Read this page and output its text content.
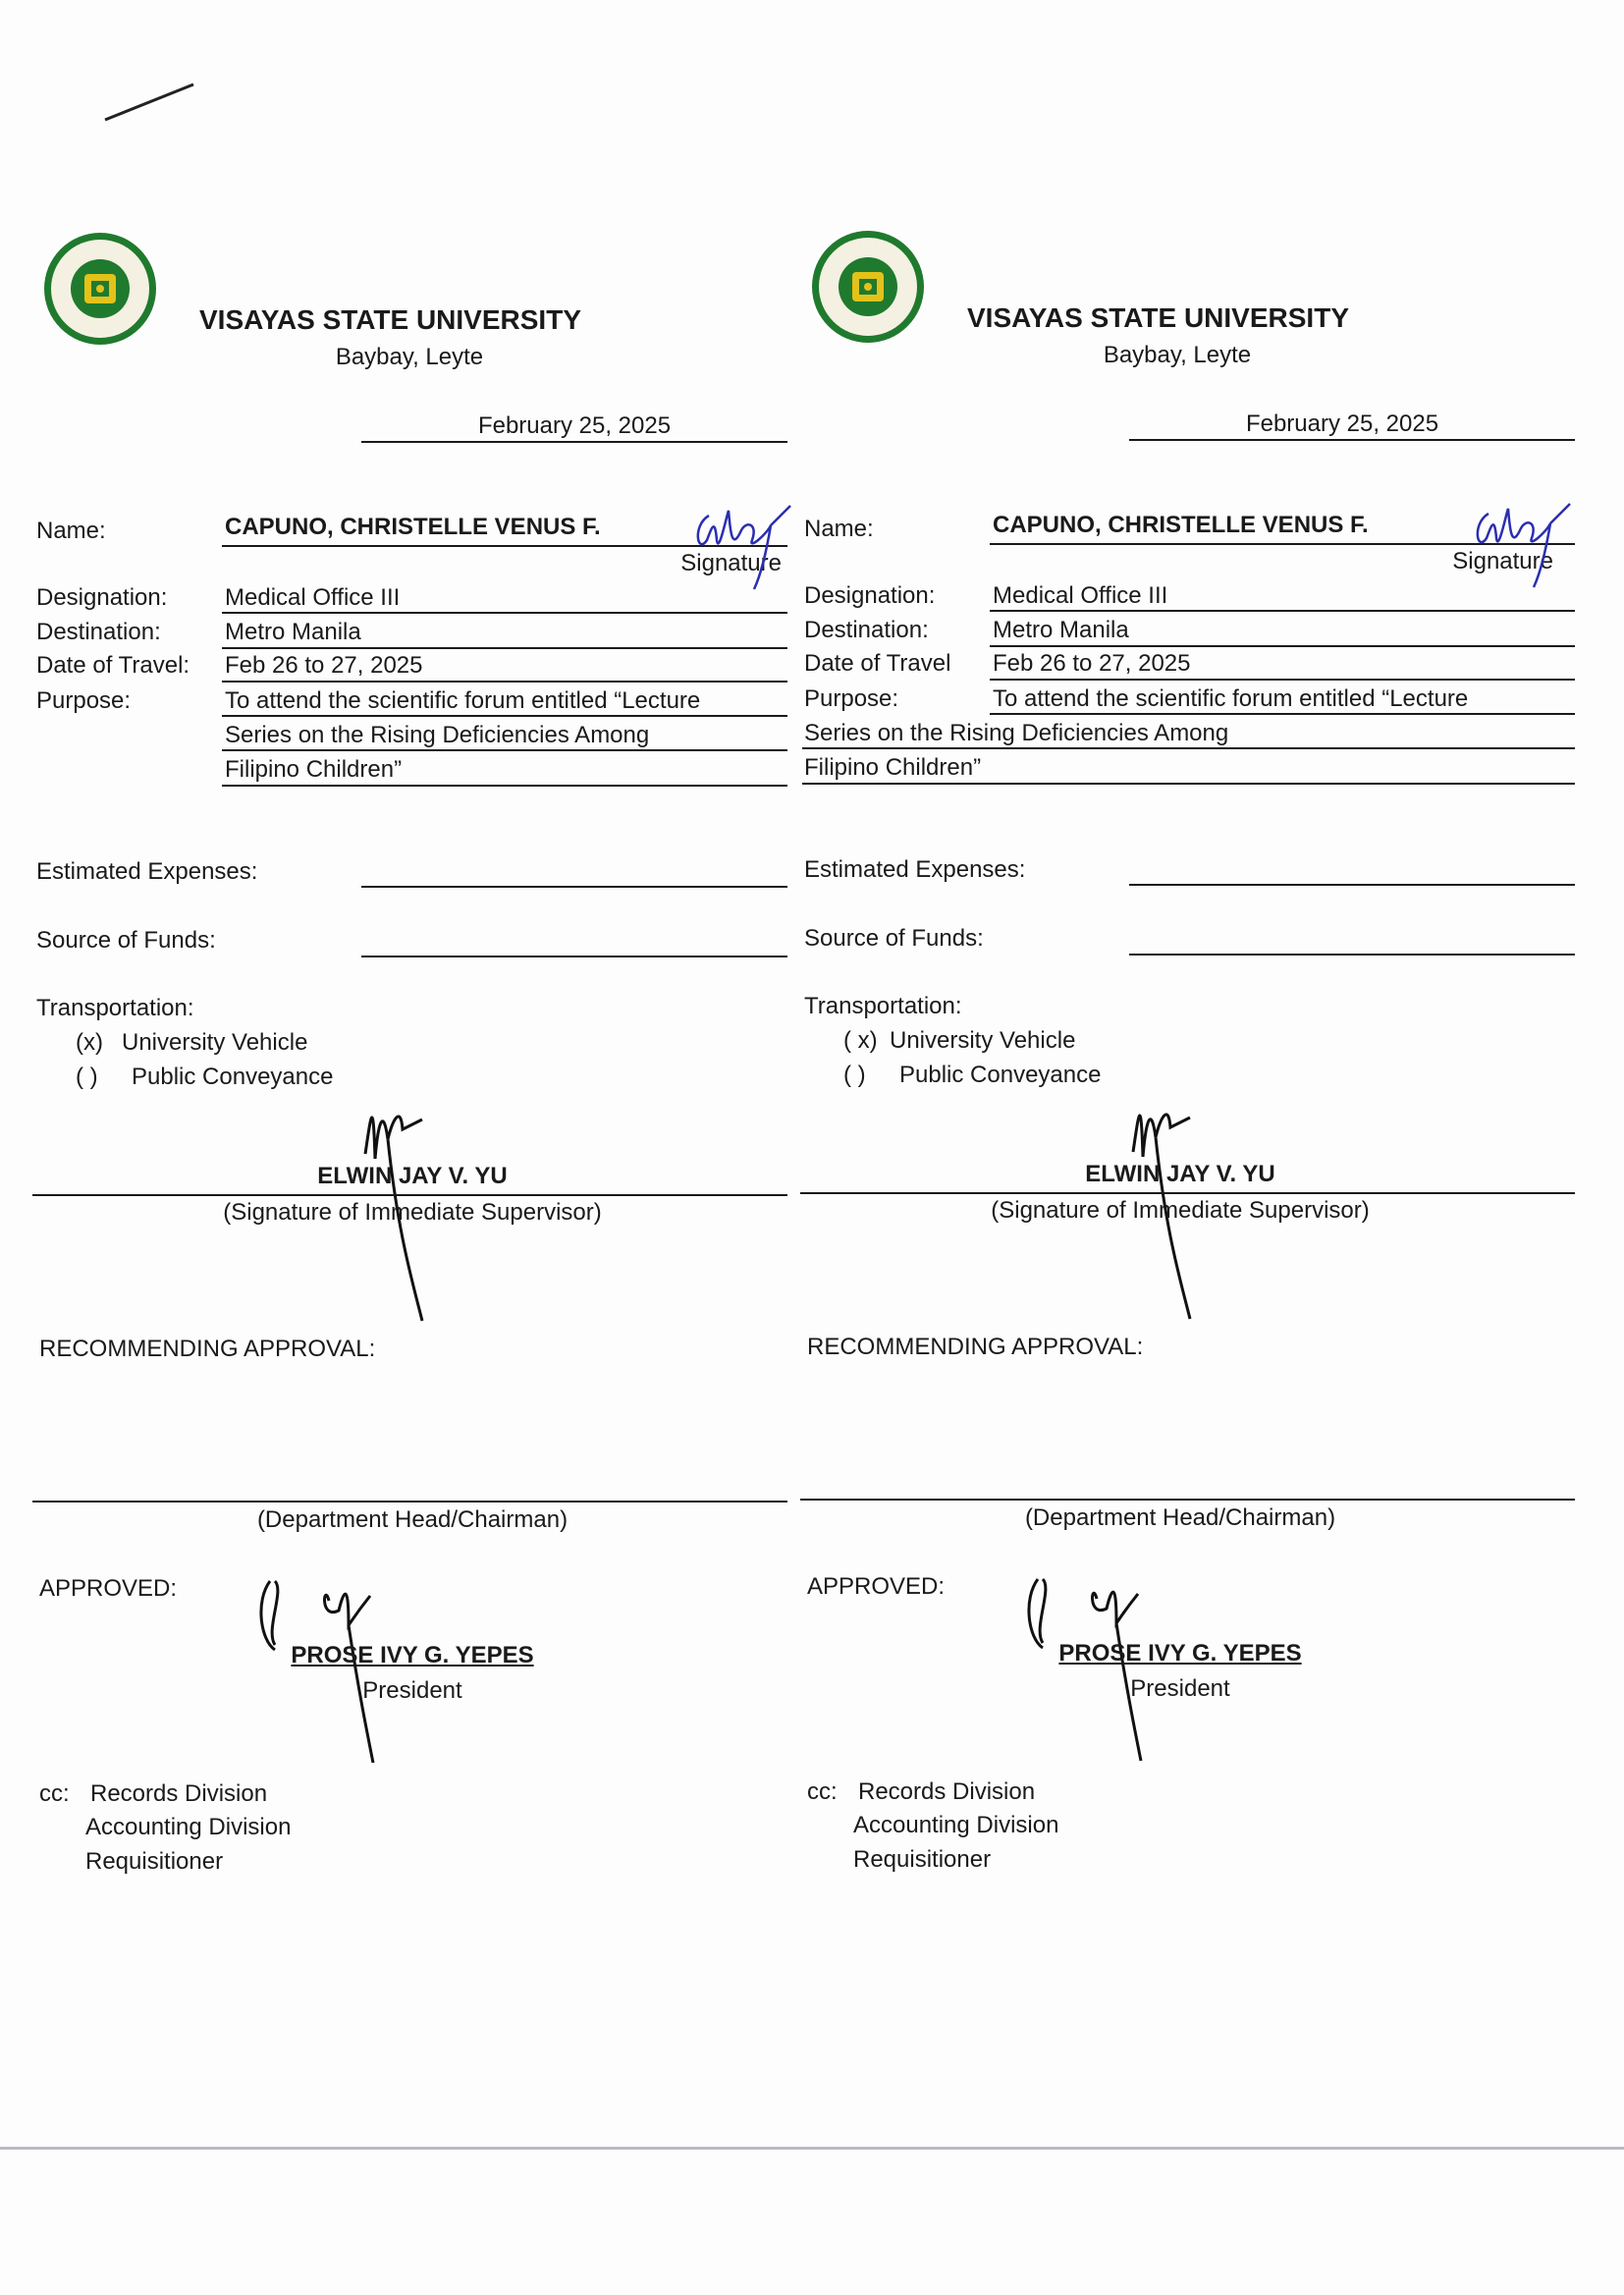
VISAYAS STATE UNIVERSITY
Baybay, Leyte
February 25, 2025
Name:	CAPUNO, CHRISTELLE VENUS F.
Signature
Designation: Medical Office III
Destination:	Metro Manila
Date of Travel: Feb 26 to 27, 2025
Purpose:	To attend the scientific forum entitled “Lecture
Series on the Rising Deficiencies Among
Filipino Children”
Estimated Expenses:
Source of Funds:
Transportation:
(x) University Vehicle
( ) Public Conveyance
ELWIN JAY V. YU
(Signature of Immediate Supervisor)
RECOMMENDING APPROVAL:
(Department Head/Chairman)
APPROVED:
PROSE IVY G. YEPES
President
cc: Records Division
Accounting Division
Requisitioner
VISAYAS STATE UNIVERSITY
Baybay, Leyte
February 25, 2025
Name:	CAPUNO, CHRISTELLE VENUS F.
Signature
Designation: Medical Office III
Destination:	Metro Manila
Date of Travel Feb 26 to 27, 2025
Purpose:	To attend the scientific forum entitled “Lecture
Series on the Rising Deficiencies Among
Filipino Children”
Estimated Expenses:
Source of Funds:
Transportation:
( x) University Vehicle
( ) Public Conveyance
ELWIN JAY V. YU
(Signature of Immediate Supervisor)
RECOMMENDING APPROVAL:
(Department Head/Chairman)
APPROVED:
PROSE IVY G. YEPES
President
cc: Records Division
Accounting Division
Requisitioner
